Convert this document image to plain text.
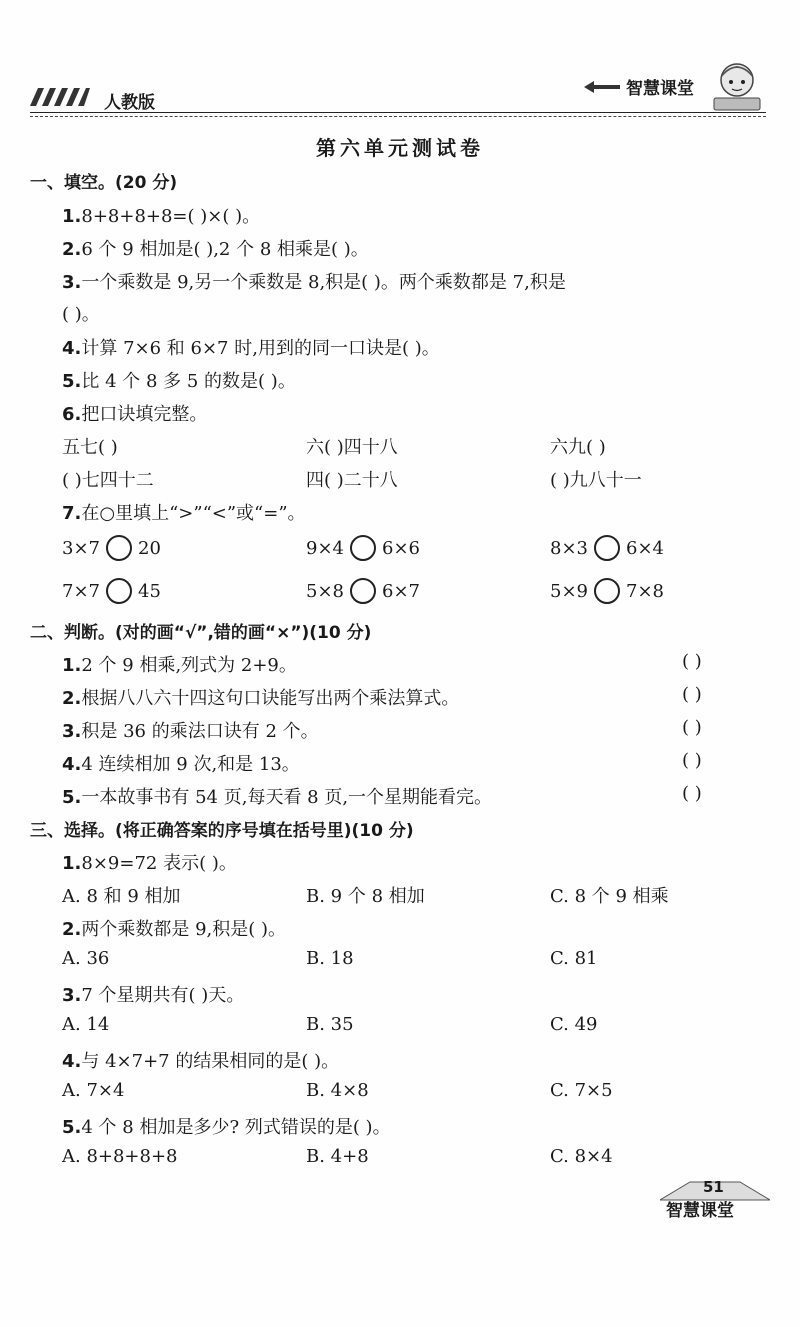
人教版
智慧课堂
第六单元测试卷
一、填空。(20 分)
1.8+8+8+8=( )×( )。
2.6 个 9 相加是( ),2 个 8 相乘是( )。
3.一个乘数是 9,另一个乘数是 8,积是( )。两个乘数都是 7,积是
( )。
4.计算 7×6 和 6×7 时,用到的同一口诀是( )。
5.比 4 个 8 多 5 的数是( )。
6.把口诀填完整。
五七( )	六( )四十八	六九( )
( )七四十二	四( )二十八	( )九八十一
7.在○里填上“>”“<”或“=”。
3×7 20	9×4 6×6	8×3 6×4
7×7 45	5×8 6×7	5×9 7×8
二、判断。(对的画“√”,错的画“×”)(10 分)
1.2 个 9 相乘,列式为 2+9。	( )
2.根据八八六十四这句口诀能写出两个乘法算式。	( )
3.积是 36 的乘法口诀有 2 个。	( )
4.4 连续相加 9 次,和是 13。	( )
5.一本故事书有 54 页,每天看 8 页,一个星期能看完。	( )
三、选择。(将正确答案的序号填在括号里)(10 分)
1.8×9=72 表示( )。
A. 8 和 9 相加	B. 9 个 8 相加	C. 8 个 9 相乘
2.两个乘数都是 9,积是( )。
A. 36	B. 18	C. 81
3.7 个星期共有( )天。
A. 14	B. 35	C. 49
4.与 4×7+7 的结果相同的是( )。
A. 7×4	B. 4×8	C. 7×5
5.4 个 8 相加是多少? 列式错误的是( )。
A. 8+8+8+8	B. 4+8	C. 8×4
51
智慧课堂
